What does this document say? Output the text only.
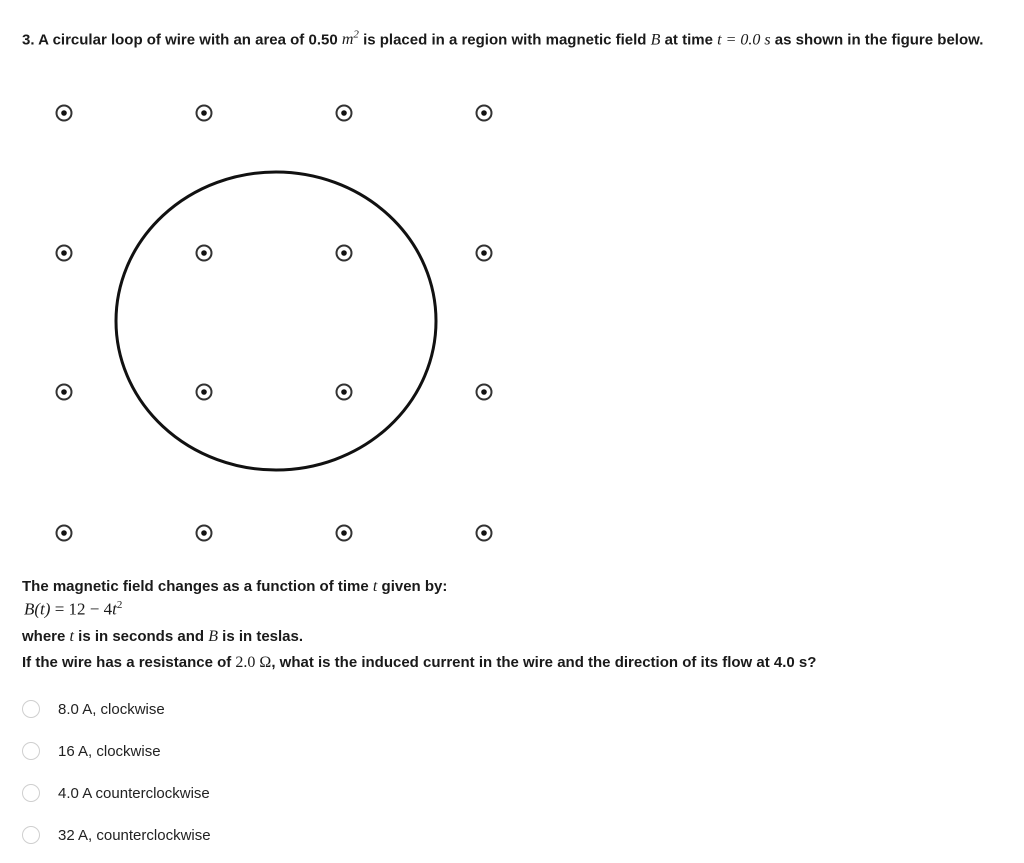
3. A circular loop of wire with an area of 0.50 $m^2$ is placed in a region with magnetic field B at time t = 0.0 s as shown in the figure below.
The magnetic field changes as a function of time t given by:
$B(t) = 12 - 4t^2$
where t is in seconds and B is in teslas.
If the wire has a resistance of 2.0 Ω, what is the induced current in the wire and the direction of its flow at 4.0 s?
8.0 A, clockwise
16 A, clockwise
4.0 A counterclockwise
32 A, counterclockwise
